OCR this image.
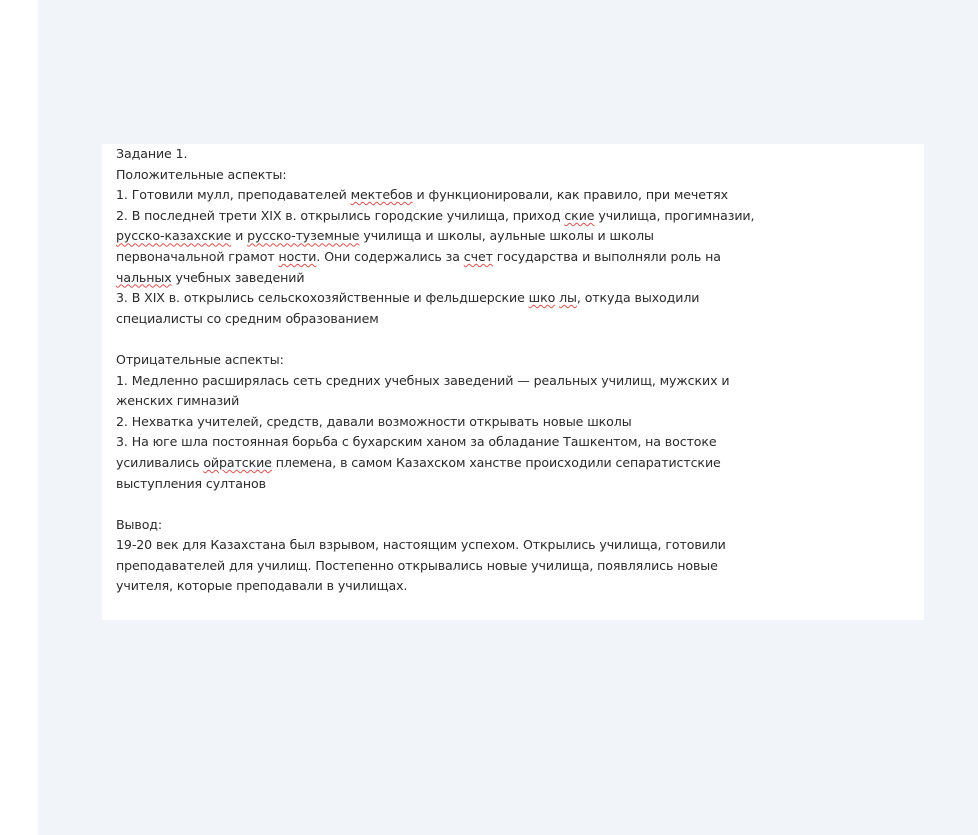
Задание 1.
Положительные аспекты:
1. Готовили мулл, преподавателей мектебов и функционировали, как правило, при мечетях
2. В последней трети XIX в. открылись городские училища, приход ские училища, прогимназии,
русско-казахские и русско-туземные училища и школы, аульные школы и школы
первоначальной грамот ности. Они содержались за счет государства и выполняли роль на
чальных учебных заведений
3. В XIX в. открылись сельскохозяйственные и фельдшерские шко лы, откуда выходили
специалисты со средним образованием
Отрицательные аспекты:
1. Медленно расширялась сеть средних учебных заведений — реальных училищ, мужских и
женских гимназий
2. Нехватка учителей, средств, давали возможности открывать новые школы
3. На юге шла постоянная борьба с бухарским ханом за обладание Ташкентом, на востоке
усиливались ойратские племена, в самом Казахском ханстве происходили сепаратистские
выступления султанов
Вывод:
19-20 век для Казахстана был взрывом, настоящим успехом. Открылись училища, готовили
преподавателей для училищ. Постепенно открывались новые училища, появлялись новые
учителя, которые преподавали в училищах.
